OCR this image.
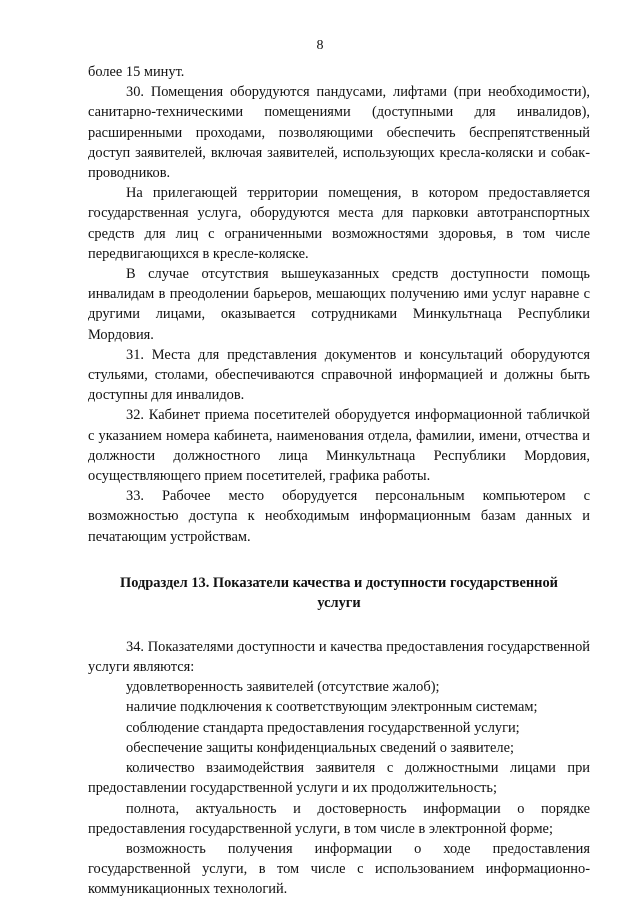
8

более 15 минут.

30. Помещения оборудуются пандусами, лифтами (при необходимости), санитарно-техническими помещениями (доступными для инвалидов), расширенными проходами, позволяющими обеспечить беспрепятственный доступ заявителей, включая заявителей, использующих кресла-коляски и собак-проводников.

На прилегающей территории помещения, в котором предоставляется государственная услуга, оборудуются места для парковки автотранспортных средств для лиц с ограниченными возможностями здоровья, в том числе передвигающихся в кресле-коляске.

В случае отсутствия вышеуказанных средств доступности помощь инвалидам в преодолении барьеров, мешающих получению ими услуг наравне с другими лицами, оказывается сотрудниками Минкультнаца Республики Мордовия.

31. Места для представления документов и консультаций оборудуются стульями, столами, обеспечиваются справочной информацией и должны быть доступны для инвалидов.

32. Кабинет приема посетителей оборудуется информационной табличкой с указанием номера кабинета, наименования отдела, фамилии, имени, отчества и должности должностного лица Минкультнаца Республики Мордовия, осуществляющего прием посетителей, графика работы.

33. Рабочее место оборудуется персональным компьютером с возможностью доступа к необходимым информационным базам данных и печатающим устройствам.

Подраздел 13. Показатели качества и доступности государственной
услуги

34. Показателями доступности и качества предоставления государственной услуги являются:

удовлетворенность заявителей (отсутствие жалоб);

наличие подключения к соответствующим электронным системам;

соблюдение стандарта предоставления государственной услуги;

обеспечение защиты конфиденциальных сведений о заявителе;

количество взаимодействия заявителя с должностными лицами при предоставлении государственной услуги и их продолжительность;

полнота, актуальность и достоверность информации о порядке предоставления государственной услуги, в том числе в электронной форме;

возможность получения информации о ходе предоставления государственной услуги, в том числе с использованием информационно-коммуникационных технологий.
